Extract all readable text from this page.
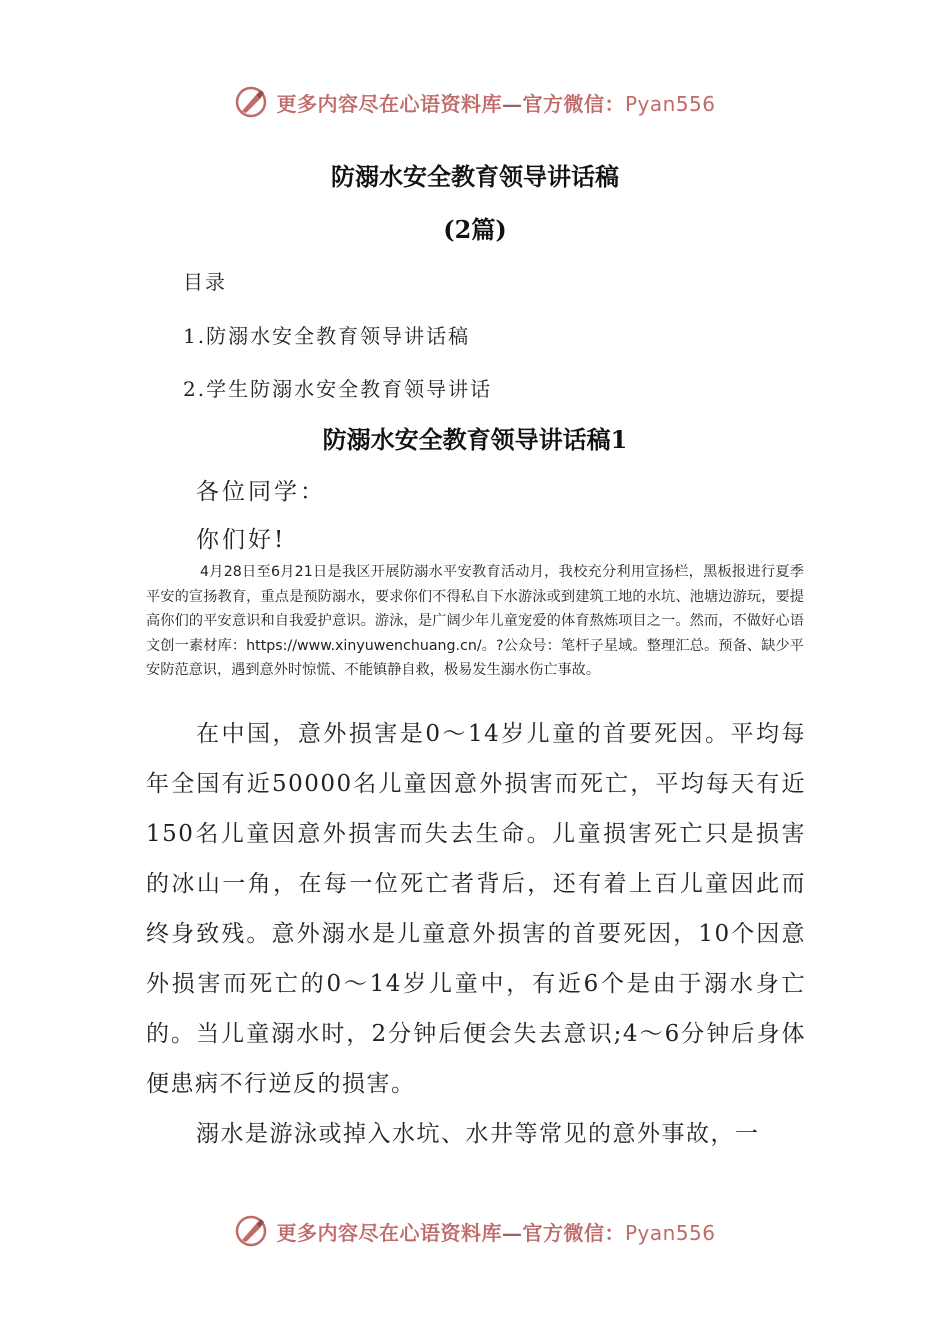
更多内容尽在心语资料库—官方微信：Pyan556
防溺水安全教育领导讲话稿
(2篇)
目录
1.防溺水安全教育领导讲话稿
2.学生防溺水安全教育领导讲话
防溺水安全教育领导讲话稿1
各位同学：
你们好!

4月28日至6月21日是我区开展防溺水平安教育活动月，我校充分利用宣扬栏，黑板报进行夏季平安的宣扬教育，重点是预防溺水，要求你们不得私自下水游泳或到建筑工地的水坑、池塘边游玩，要提高你们的平安意识和自我爱护意识。游泳，是广阔少年儿童宠爱的体育熬炼项目之一。然而，不做好心语文创一素材库：https://www.xinyuwenchuang.cn/。?公众号：笔杆子星域。整理汇总。预备、缺少平安防范意识，遇到意外时惊慌、不能镇静自救，极易发生溺水伤亡事故。

在中国，意外损害是0～14岁儿童的首要死因。平均每年全国有近50000名儿童因意外损害而死亡，平均每天有近150名儿童因意外损害而失去生命。儿童损害死亡只是损害的冰山一角，在每一位死亡者背后，还有着上百儿童因此而终身致残。意外溺水是儿童意外损害的首要死因，10个因意外损害而死亡的0～14岁儿童中，有近6个是由于溺水身亡的。当儿童溺水时，2分钟后便会失去意识;4～6分钟后身体便患病不行逆反的损害。

溺水是游泳或掉入水坑、水井等常见的意外事故，一

更多内容尽在心语资料库—官方微信：Pyan556
